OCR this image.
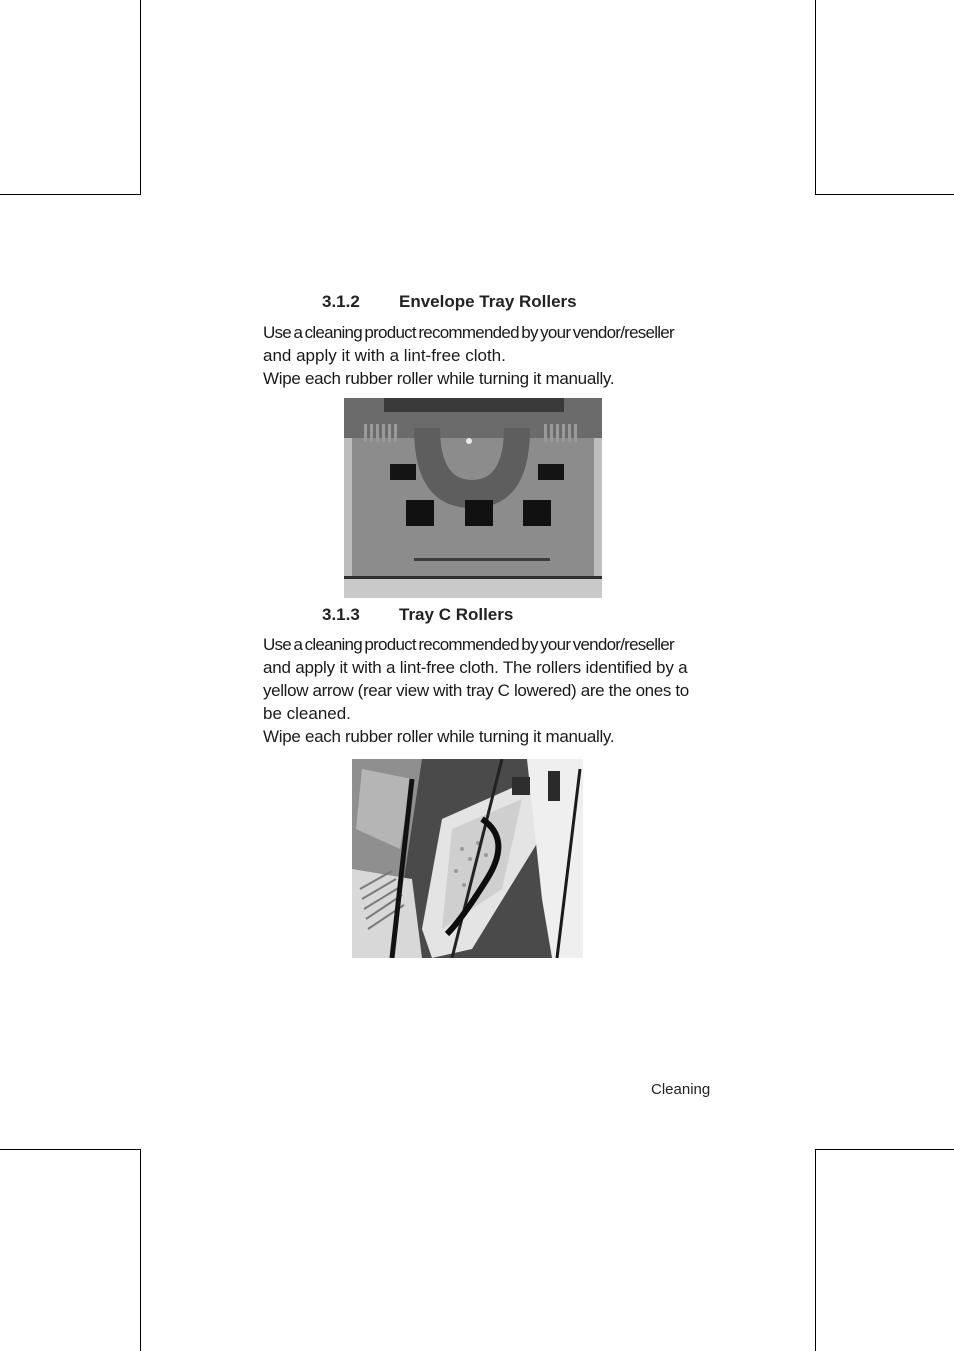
3.1.2 Envelope Tray Rollers

Use a cleaning product recommended by your vendor/reseller

and apply it with a lint-free cloth.

Wipe each rubber roller while turning it manually.

3.1.3 Tray C Rollers

Use a cleaning product recommended by your vendor/reseller

and apply it with a lint-free cloth. The rollers identified by a

yellow arrow (rear view with tray C lowered) are the ones to

be cleaned.

Wipe each rubber roller while turning it manually.

Cleaning
